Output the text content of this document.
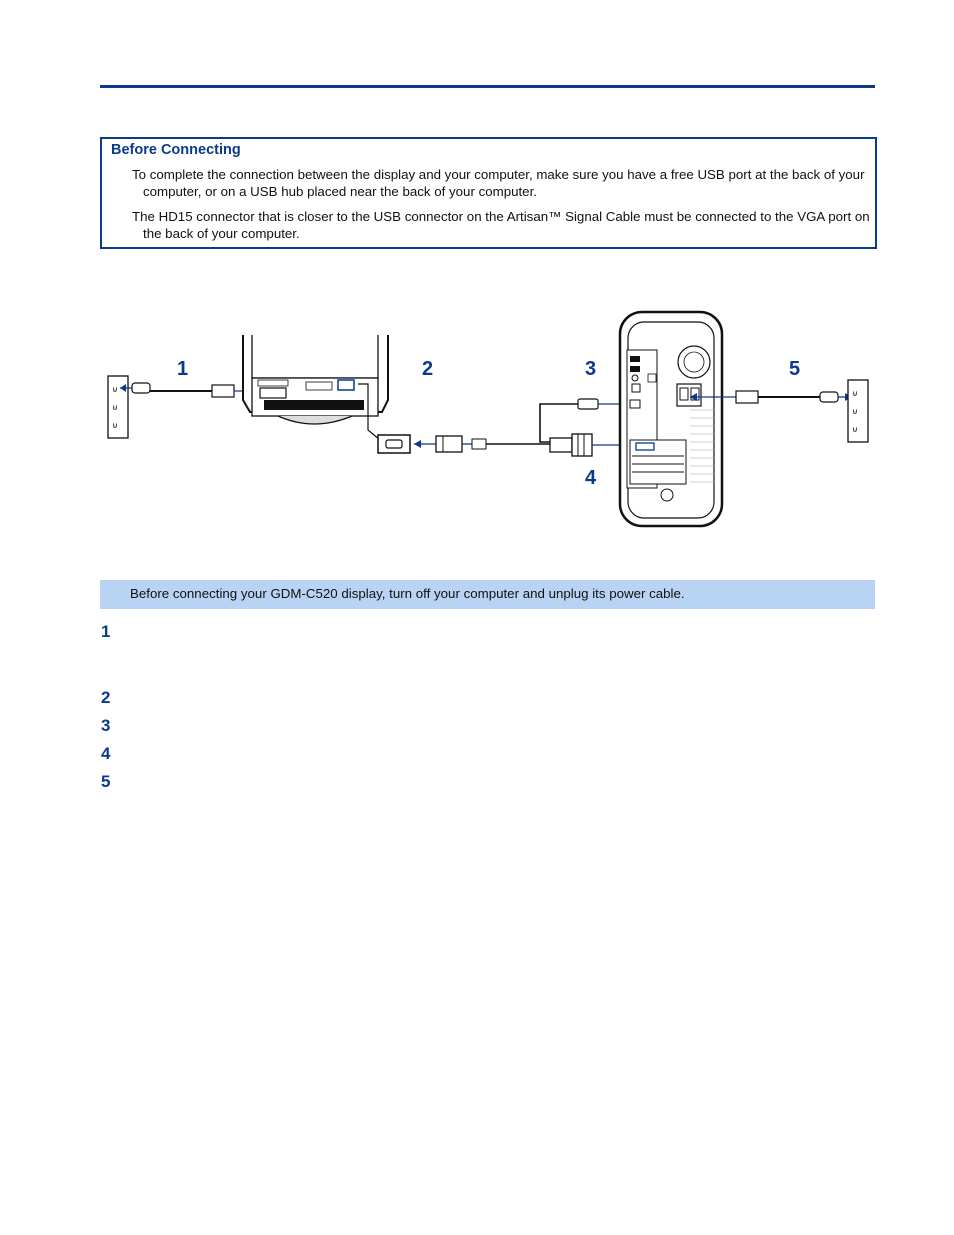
Before Connecting
To complete the connection between the display and your computer, make sure you have a free USB port at the back of your computer, or on a USB hub placed near the back of your computer.
The HD15 connector that is closer to the USB connector on the Artisan™ Signal Cable must be connected to the VGA port on the back of your computer.
⊍
⊍
⊍
⊍
⊍
⊍
1	2	3
4
5
Before connecting your GDM-C520 display, turn off your computer and unplug its power cable.
1
2
3
4
5
